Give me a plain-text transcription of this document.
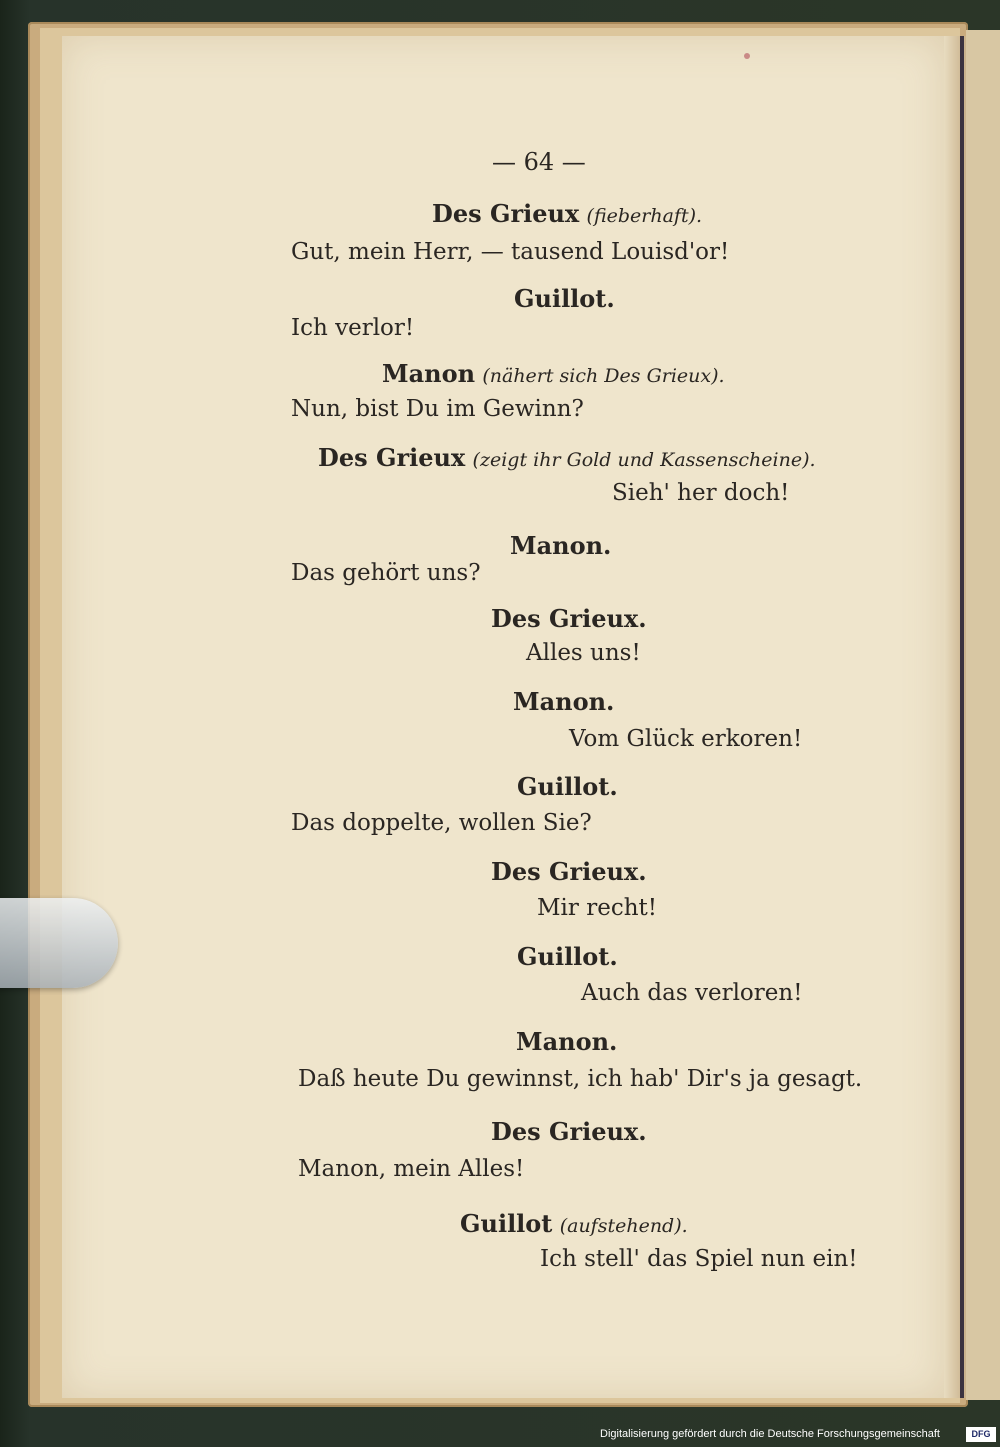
— 64 —
Des Grieux (fieberhaft).
Gut, mein Herr, — tausend Louisd'or!
Guillot.
Ich verlor!
Manon (nähert sich Des Grieux).
Nun, bist Du im Gewinn?
Des Grieux (zeigt ihr Gold und Kassenscheine).
Sieh' her doch!
Manon.
Das gehört uns?
Des Grieux.
Alles uns!
Manon.
Vom Glück erkoren!
Guillot.
Das doppelte, wollen Sie?
Des Grieux.
Mir recht!
Guillot.
Auch das verloren!
Manon.
Daß heute Du gewinnst, ich hab' Dir's ja gesagt.
Des Grieux.
Manon, mein Alles!
Guillot (aufstehend).
Ich stell' das Spiel nun ein!
Digitalisierung gefördert durch die Deutsche Forschungsgemeinschaft	DFG
